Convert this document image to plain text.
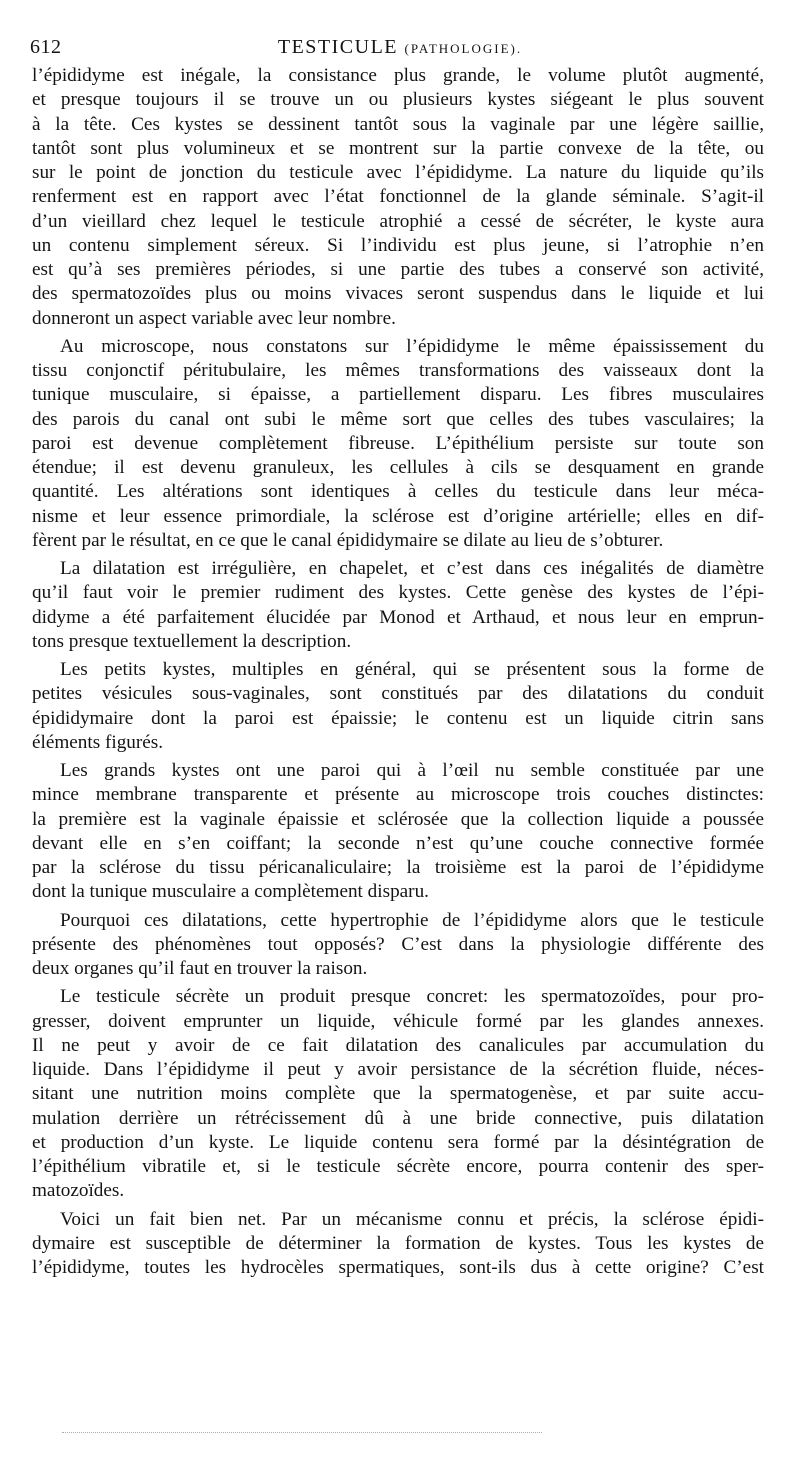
612	TESTICULE (PATHOLOGIE).
l’épididyme est inégale, la consistance plus grande, le volume plutôt augmenté,
et presque toujours il se trouve un ou plusieurs kystes siégeant le plus souvent
à la tête. Ces kystes se dessinent tantôt sous la vaginale par une légère saillie,
tantôt sont plus volumineux et se montrent sur la partie convexe de la tête, ou
sur le point de jonction du testicule avec l’épididyme. La nature du liquide qu’ils
renferment est en rapport avec l’état fonctionnel de la glande séminale. S’agit-il
d’un vieillard chez lequel le testicule atrophié a cessé de sécréter, le kyste aura
un contenu simplement séreux. Si l’individu est plus jeune, si l’atrophie n’en
est qu’à ses premières périodes, si une partie des tubes a conservé son activité,
des spermatozoïdes plus ou moins vivaces seront suspendus dans le liquide et lui
donneront un aspect variable avec leur nombre.
Au microscope, nous constatons sur l’épididyme le même épaississement du
tissu conjonctif péritubulaire, les mêmes transformations des vaisseaux dont la
tunique musculaire, si épaisse, a partiellement disparu. Les fibres musculaires
des parois du canal ont subi le même sort que celles des tubes vasculaires; la
paroi est devenue complètement fibreuse. L’épithélium persiste sur toute son
étendue; il est devenu granuleux, les cellules à cils se desquament en grande
quantité. Les altérations sont identiques à celles du testicule dans leur méca-
nisme et leur essence primordiale, la sclérose est d’origine artérielle; elles en dif-
fèrent par le résultat, en ce que le canal épididymaire se dilate au lieu de s’obturer.
La dilatation est irrégulière, en chapelet, et c’est dans ces inégalités de diamètre
qu’il faut voir le premier rudiment des kystes. Cette genèse des kystes de l’épi-
didyme a été parfaitement élucidée par Monod et Arthaud, et nous leur en emprun-
tons presque textuellement la description.
Les petits kystes, multiples en général, qui se présentent sous la forme de
petites vésicules sous-vaginales, sont constitués par des dilatations du conduit
épididymaire dont la paroi est épaissie; le contenu est un liquide citrin sans
éléments figurés.
Les grands kystes ont une paroi qui à l’œil nu semble constituée par une
mince membrane transparente et présente au microscope trois couches distinctes:
la première est la vaginale épaissie et sclérosée que la collection liquide a poussée
devant elle en s’en coiffant; la seconde n’est qu’une couche connective formée
par la sclérose du tissu péricanaliculaire; la troisième est la paroi de l’épididyme
dont la tunique musculaire a complètement disparu.
Pourquoi ces dilatations, cette hypertrophie de l’épididyme alors que le testicule
présente des phénomènes tout opposés? C’est dans la physiologie différente des
deux organes qu’il faut en trouver la raison.
Le testicule sécrète un produit presque concret: les spermatozoïdes, pour pro-
gresser, doivent emprunter un liquide, véhicule formé par les glandes annexes.
Il ne peut y avoir de ce fait dilatation des canalicules par accumulation du
liquide. Dans l’épididyme il peut y avoir persistance de la sécrétion fluide, néces-
sitant une nutrition moins complète que la spermatogenèse, et par suite accu-
mulation derrière un rétrécissement dû à une bride connective, puis dilatation
et production d’un kyste. Le liquide contenu sera formé par la désintégration de
l’épithélium vibratile et, si le testicule sécrète encore, pourra contenir des sper-
matozoïdes.
Voici un fait bien net. Par un mécanisme connu et précis, la sclérose épidi-
dymaire est susceptible de déterminer la formation de kystes. Tous les kystes de
l’épididyme, toutes les hydrocèles spermatiques, sont-ils dus à cette origine? C’est
